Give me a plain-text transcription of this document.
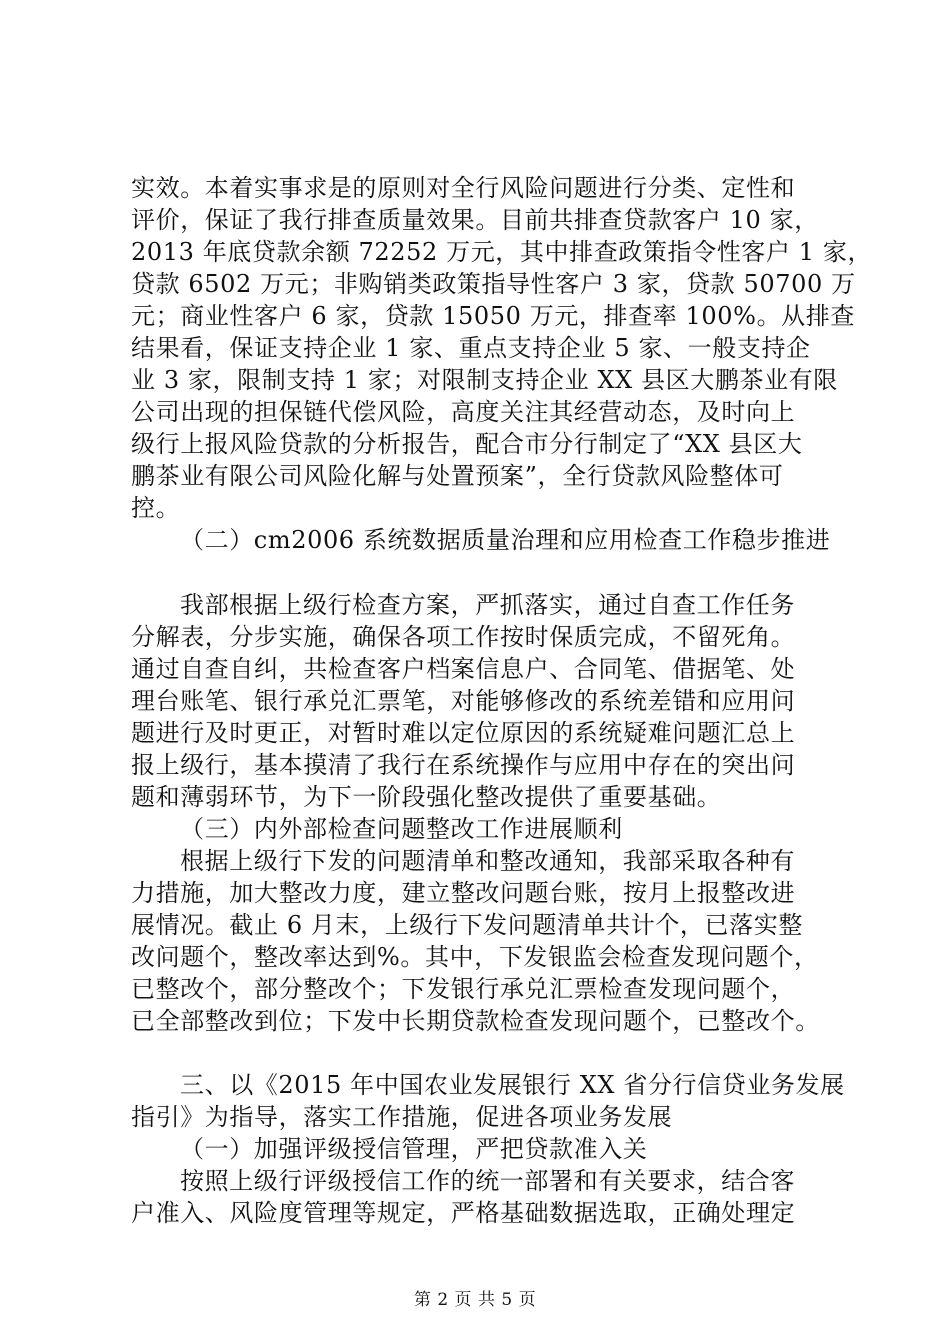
实效。本着实事求是的原则对全行风险问题进行分类、定性和
评价，保证了我行排查质量效果。目前共排查贷款客户 10 家，
2013 年底贷款余额 72252 万元，其中排查政策指令性客户 1 家，
贷款 6502 万元；非购销类政策指导性客户 3 家，贷款 50700 万
元；商业性客户 6 家，贷款 15050 万元，排查率 100%。从排查
结果看，保证支持企业 1 家、重点支持企业 5 家、一般支持企
业 3 家，限制支持 1 家；对限制支持企业 XX 县区大鹏茶业有限
公司出现的担保链代偿风险，高度关注其经营动态，及时向上
级行上报风险贷款的分析报告，配合市分行制定了“XX 县区大
鹏茶业有限公司风险化解与处置预案”，全行贷款风险整体可
控。
（二）cm2006 系统数据质量治理和应用检查工作稳步推进
我部根据上级行检查方案，严抓落实，通过自查工作任务
分解表，分步实施，确保各项工作按时保质完成，不留死角。
通过自查自纠，共检查客户档案信息户、合同笔、借据笔、处
理台账笔、银行承兑汇票笔，对能够修改的系统差错和应用问
题进行及时更正，对暂时难以定位原因的系统疑难问题汇总上
报上级行，基本摸清了我行在系统操作与应用中存在的突出问
题和薄弱环节，为下一阶段强化整改提供了重要基础。
（三）内外部检查问题整改工作进展顺利
根据上级行下发的问题清单和整改通知，我部采取各种有
力措施，加大整改力度，建立整改问题台账，按月上报整改进
展情况。截止 6 月末，上级行下发问题清单共计个，已落实整
改问题个，整改率达到%。其中，下发银监会检查发现问题个，
已整改个，部分整改个；下发银行承兑汇票检查发现问题个，
已全部整改到位；下发中长期贷款检查发现问题个，已整改个。
三、以《2015 年中国农业发展银行 XX 省分行信贷业务发展
指引》为指导，落实工作措施，促进各项业务发展
（一）加强评级授信管理，严把贷款准入关
按照上级行评级授信工作的统一部署和有关要求，结合客
户准入、风险度管理等规定，严格基础数据选取，正确处理定
第 2 页 共 5 页
